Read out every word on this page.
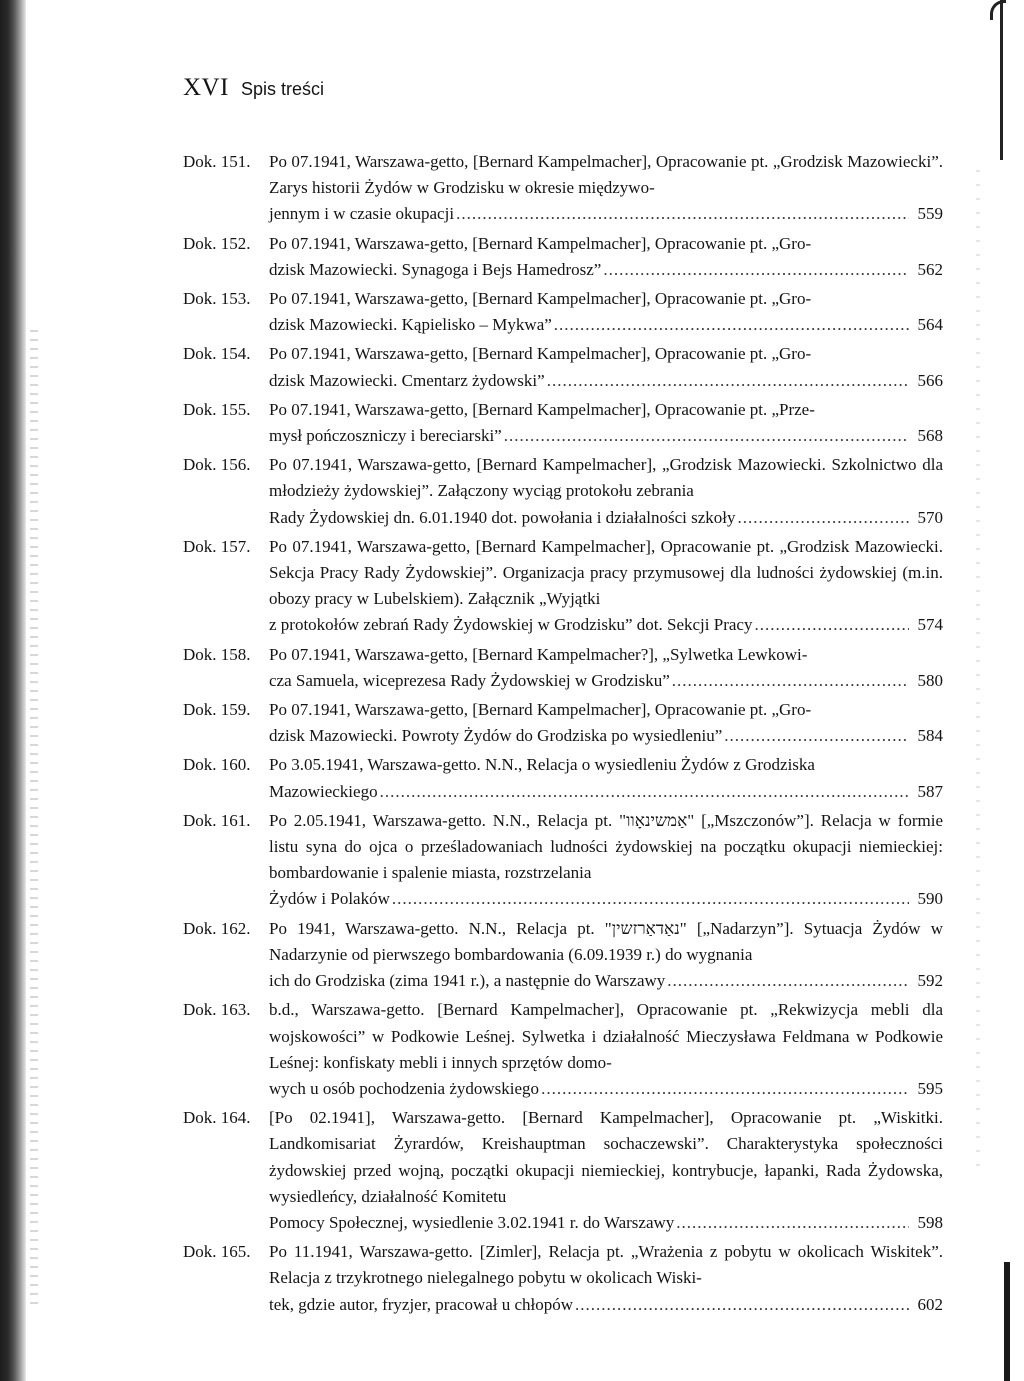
XVI Spis treści
Dok. 151.	Po 07.1941, Warszawa-getto, [Bernard Kampelmacher], Opracowanie pt. „Grodzisk Mazowiecki”. Zarys historii Żydów w Grodzisku w okresie międzywo-
jennym i w czasie okupacji .....	559
Dok. 152.	Po 07.1941, Warszawa-getto, [Bernard Kampelmacher], Opracowanie pt. „Gro-
dzisk Mazowiecki. Synagoga i Bejs Hamedrosz” .....	562
Dok. 153.	Po 07.1941, Warszawa-getto, [Bernard Kampelmacher], Opracowanie pt. „Gro-
dzisk Mazowiecki. Kąpielisko – Mykwa” .....	564
Dok. 154.	Po 07.1941, Warszawa-getto, [Bernard Kampelmacher], Opracowanie pt. „Gro-
dzisk Mazowiecki. Cmentarz żydowski” .....	566
Dok. 155.	Po 07.1941, Warszawa-getto, [Bernard Kampelmacher], Opracowanie pt. „Prze-
mysł pończoszniczy i bereciarski” .....	568
Dok. 156.	Po 07.1941, Warszawa-getto, [Bernard Kampelmacher], „Grodzisk Mazowiecki. Szkolnictwo dla młodzieży żydowskiej”. Załączony wyciąg protokołu zebrania
Rady Żydowskiej dn. 6.01.1940 dot. powołania i działalności szkoły .....	570
Dok. 157.	Po 07.1941, Warszawa-getto, [Bernard Kampelmacher], Opracowanie pt. „Grodzisk Mazowiecki. Sekcja Pracy Rady Żydowskiej”. Organizacja pracy przymusowej dla ludności żydowskiej (m.in. obozy pracy w Lubelskiem). Załącznik „Wyjątki
z protokołów zebrań Rady Żydowskiej w Grodzisku” dot. Sekcji Pracy .....	574
Dok. 158.	Po 07.1941, Warszawa-getto, [Bernard Kampelmacher?], „Sylwetka Lewkowi-
cza Samuela, wiceprezesa Rady Żydowskiej w Grodzisku” .....	580
Dok. 159.	Po 07.1941, Warszawa-getto, [Bernard Kampelmacher], Opracowanie pt. „Gro-
dzisk Mazowiecki. Powroty Żydów do Grodziska po wysiedleniu” .....	584
Dok. 160.	Po 3.05.1941, Warszawa-getto. N.N., Relacja o wysiedleniu Żydów z Grodziska
Mazowieckiego .....	587
Dok. 161.	Po 2.05.1941, Warszawa-getto. N.N., Relacja pt. "אַמשינאָוו" [„Mszczonów”]. Relacja w formie listu syna do ojca o prześladowaniach ludności żydowskiej na początku okupacji niemieckiej: bombardowanie i spalenie miasta, rozstrzelania
Żydów i Polaków .....	590
Dok. 162.	Po 1941, Warszawa-getto. N.N., Relacja pt. "נאַדאַרזשין" [„Nadarzyn”]. Sytuacja Żydów w Nadarzynie od pierwszego bombardowania (6.09.1939 r.) do wygnania
ich do Grodziska (zima 1941 r.), a następnie do Warszawy .....	592
Dok. 163.	b.d., Warszawa-getto. [Bernard Kampelmacher], Opracowanie pt. „Rekwizycja mebli dla wojskowości” w Podkowie Leśnej. Sylwetka i działalność Mieczysława Feldmana w Podkowie Leśnej: konfiskaty mebli i innych sprzętów domo-
wych u osób pochodzenia żydowskiego .....	595
Dok. 164.	[Po 02.1941], Warszawa-getto. [Bernard Kampelmacher], Opracowanie pt. „Wiskitki. Landkomisariat Żyrardów, Kreishauptman sochaczewski”. Charakterystyka społeczności żydowskiej przed wojną, początki okupacji niemieckiej, kontrybucje, łapanki, Rada Żydowska, wysiedleńcy, działalność Komitetu
Pomocy Społecznej, wysiedlenie 3.02.1941 r. do Warszawy .....	598
Dok. 165.	Po 11.1941, Warszawa-getto. [Zimler], Relacja pt. „Wrażenia z pobytu w okolicach Wiskitek”. Relacja z trzykrotnego nielegalnego pobytu w okolicach Wiski-
tek, gdzie autor, fryzjer, pracował u chłopów .....	602
